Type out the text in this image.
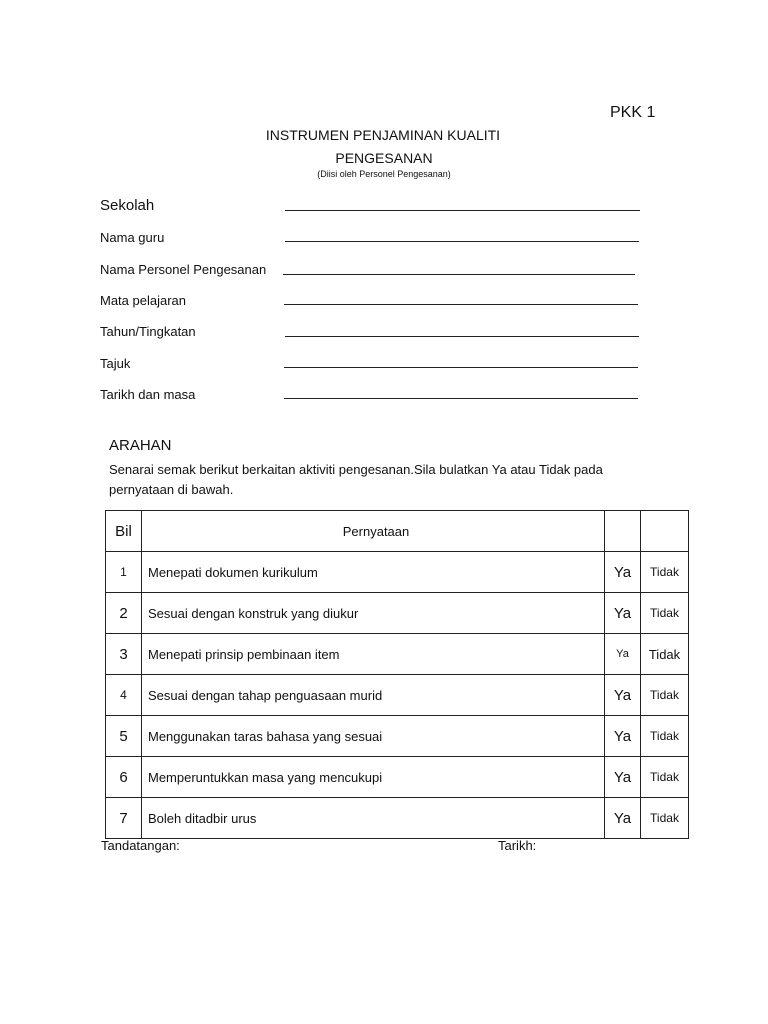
PKK 1
INSTRUMEN PENJAMINAN KUALITI
PENGESANAN
(Diisi oleh Personel Pengesanan)
Sekolah
Nama guru
Nama Personel Pengesanan
Mata pelajaran
Tahun/Tingkatan
Tajuk
Tarikh dan masa
ARAHAN
Senarai semak berikut berkaitan aktiviti pengesanan.Sila bulatkan Ya atau Tidak pada pernyataan di bawah.
Bil	Pernyataan		
1	Menepati dokumen kurikulum	Ya	Tidak
2	Sesuai dengan konstruk yang diukur	Ya	Tidak
3	Menepati prinsip pembinaan item	Ya	Tidak
4	Sesuai dengan tahap penguasaan murid	Ya	Tidak
5	Menggunakan taras bahasa yang sesuai	Ya	Tidak
6	Memperuntukkan masa yang mencukupi	Ya	Tidak
7	Boleh ditadbir urus	Ya	Tidak
Tandatangan:	Tarikh:
